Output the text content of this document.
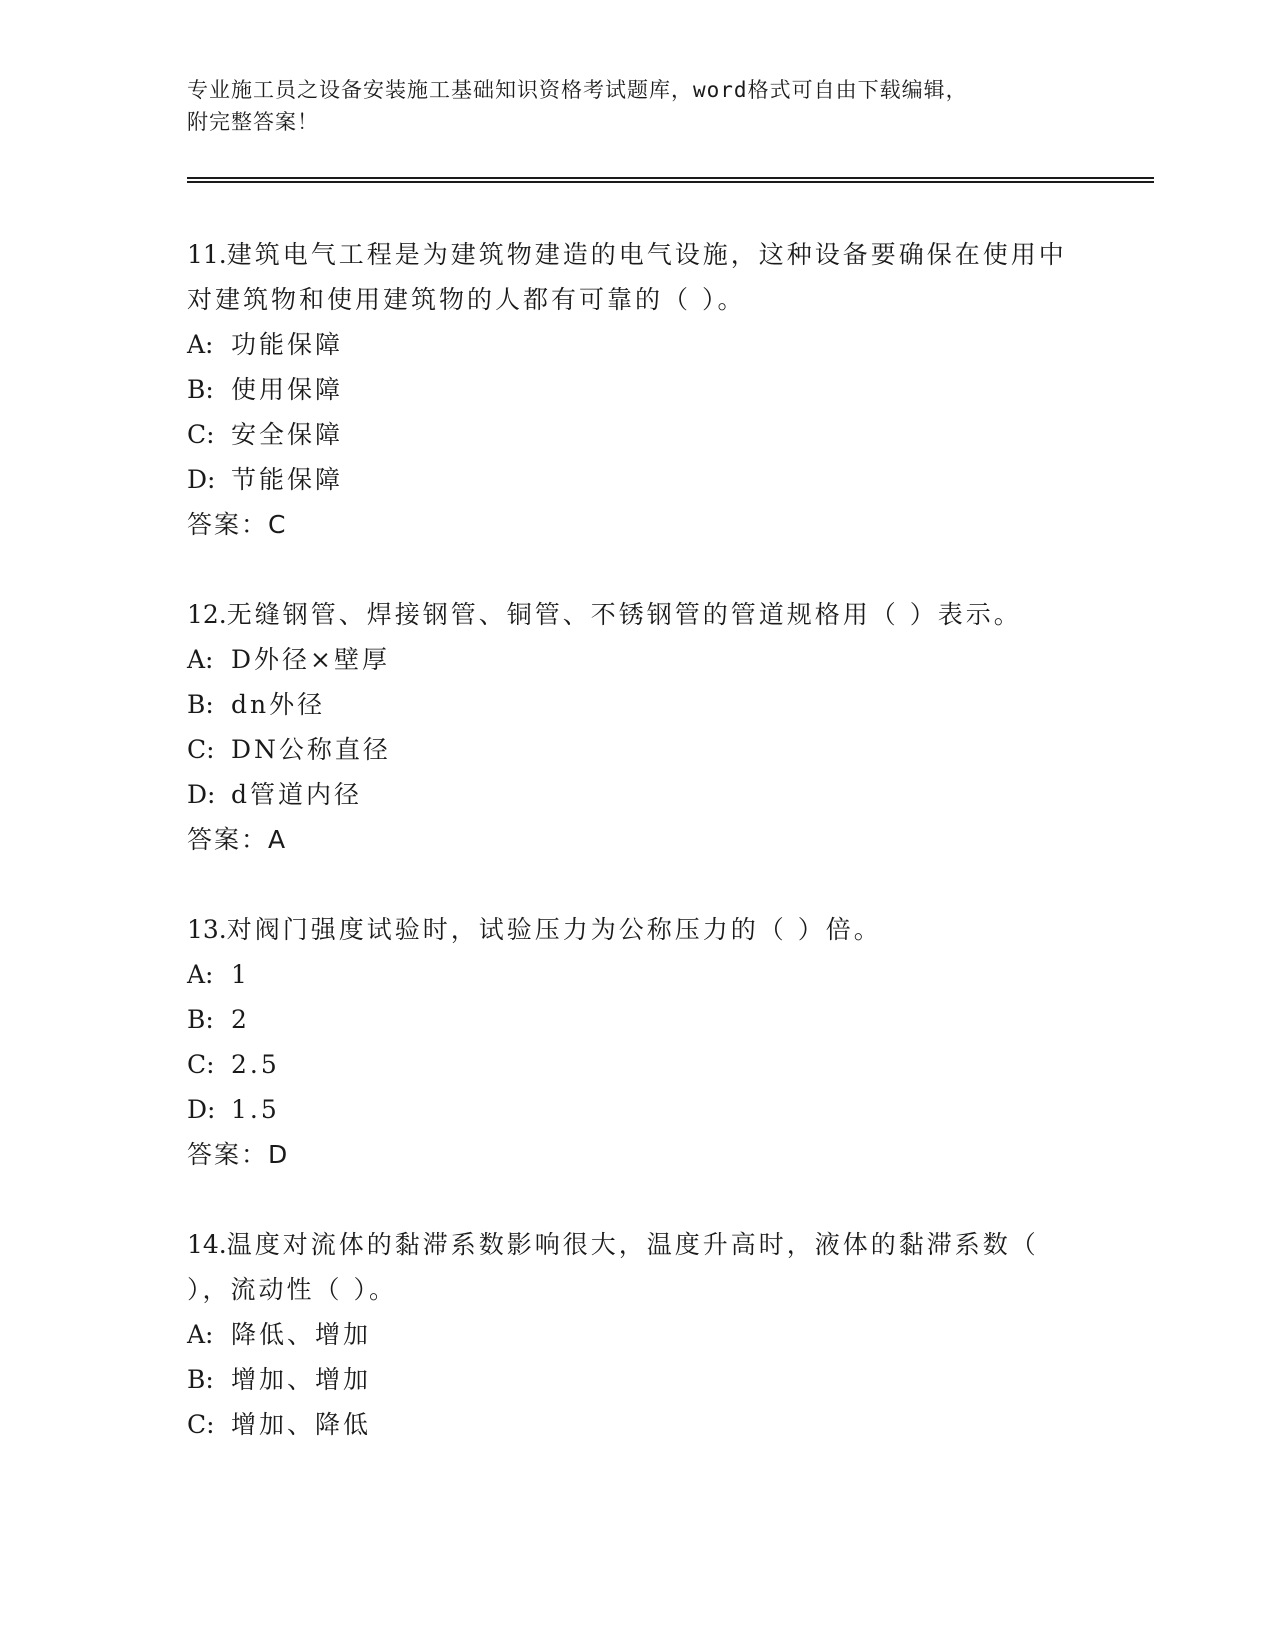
专业施工员之设备安装施工基础知识资格考试题库，word格式可自由下载编辑，
附完整答案！

11.建筑电气工程是为建筑物建造的电气设施，这种设备要确保在使用中对建筑物和使用建筑物的人都有可靠的（ ）。

A: 功能保障

B: 使用保障

C: 安全保障

D: 节能保障

答案：C

12.无缝钢管、焊接钢管、铜管、不锈钢管的管道规格用（ ）表示。

A: D外径×壁厚

B: dn外径

C: DN公称直径

D: d管道内径

答案：A

13.对阀门强度试验时，试验压力为公称压力的（ ）倍。

A: 1

B: 2

C: 2.5

D: 1.5

答案：D

14.温度对流体的黏滞系数影响很大，温度升高时，液体的黏滞系数（ ），流动性（ ）。

A: 降低、增加

B: 增加、增加

C: 增加、降低
